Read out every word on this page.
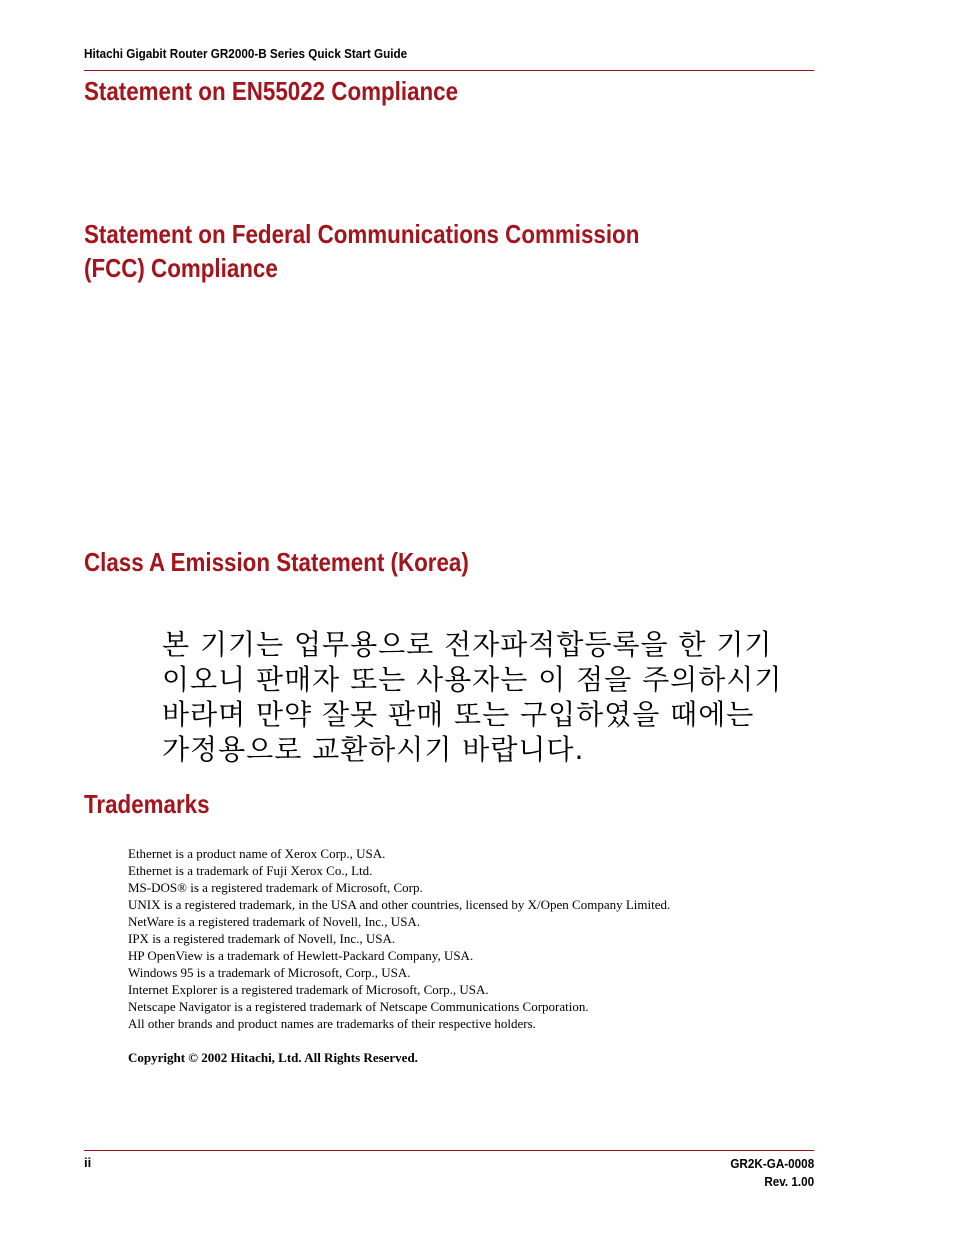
Hitachi Gigabit Router GR2000-B Series Quick Start Guide
Statement on EN55022 Compliance
Statement on Federal Communications Commission
(FCC) Compliance
Class A Emission Statement (Korea)
본 기기는 업무용으로 전자파적합등록을 한 기기
이오니 판매자 또는 사용자는 이 점을 주의하시기
바라며 만약 잘못 판매 또는 구입하였을 때에는
가정용으로 교환하시기 바랍니다.
Trademarks
Ethernet is a product name of Xerox Corp., USA.
Ethernet is a trademark of Fuji Xerox Co., Ltd.
MS-DOS® is a registered trademark of Microsoft, Corp.
UNIX is a registered trademark, in the USA and other countries, licensed by X/Open Company Limited.
NetWare is a registered trademark of Novell, Inc., USA.
IPX is a registered trademark of Novell, Inc., USA.
HP OpenView is a trademark of Hewlett-Packard Company, USA.
Windows 95 is a trademark of Microsoft, Corp., USA.
Internet Explorer is a registered trademark of Microsoft, Corp., USA.
Netscape Navigator is a registered trademark of Netscape Communications Corporation.
All other brands and product names are trademarks of their respective holders.
Copyright © 2002 Hitachi, Ltd. All Rights Reserved.
ii	GR2K-GA-0008
Rev. 1.00
